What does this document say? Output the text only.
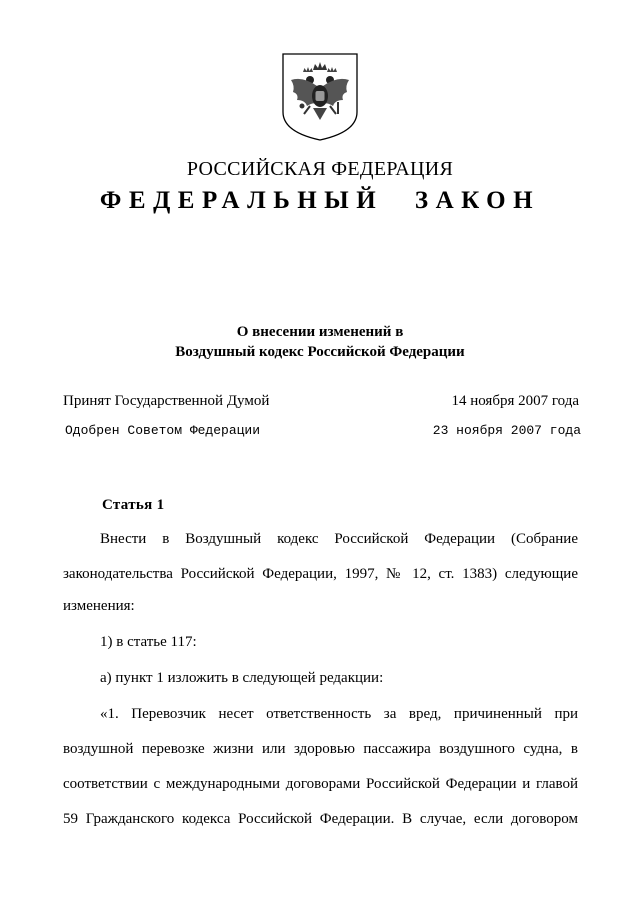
РОССИЙСКАЯ ФЕДЕРАЦИЯ
ФЕДЕРАЛЬНЫЙ ЗАКОН
О внесении изменений в
Воздушный кодекс Российской Федерации
Принят Государственной Думой	14 ноября 2007 года
Одобрен Советом Федерации	23 ноября 2007 года
Статья 1
Внести в Воздушный кодекс Российской Федерации (Собрание
законодательства Российской Федерации, 1997, № 12, ст. 1383) следующие
изменения:
1) в статье 117:
а) пункт 1 изложить в следующей редакции:
«1. Перевозчик несет ответственность за вред, причиненный при
воздушной перевозке жизни или здоровью пассажира воздушного судна, в
соответствии с международными договорами Российской Федерации и главой
59 Гражданского кодекса Российской Федерации. В случае, если договором
